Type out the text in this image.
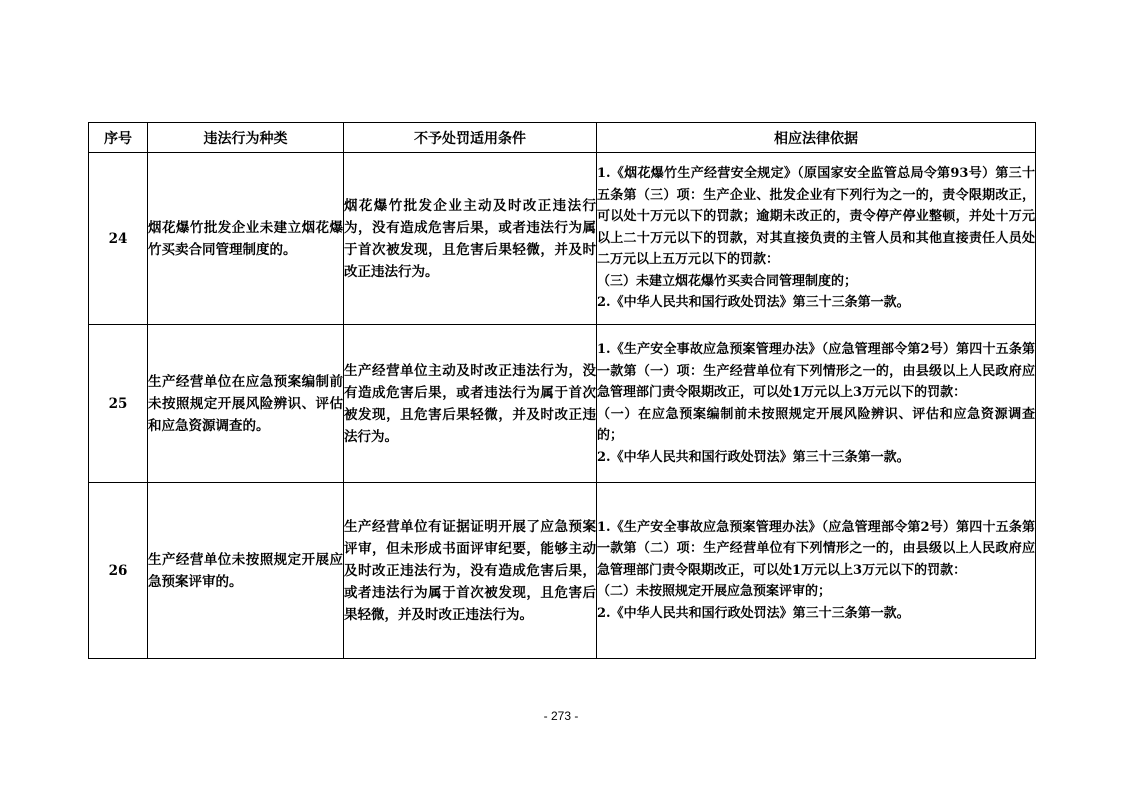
序号	违法行为种类	不予处罚适用条件	相应法律依据
24	烟花爆竹批发企业未建立烟花爆竹买卖合同管理制度的。	烟花爆竹批发企业主动及时改正违法行为，没有造成危害后果，或者违法行为属于首次被发现，且危害后果轻微，并及时改正违法行为。	1.《烟花爆竹生产经营安全规定》（原国家安全监管总局令第93号）第三十五条第（三）项：生产企业、批发企业有下列行为之一的，责令限期改正，可以处十万元以下的罚款；逾期未改正的，责令停产停业整顿，并处十万元以上二十万元以下的罚款，对其直接负责的主管人员和其他直接责任人员处二万元以上五万元以下的罚款：

（三）未建立烟花爆竹买卖合同管理制度的；

2.《中华人民共和国行政处罚法》第三十三条第一款。

25	生产经营单位在应急预案编制前未按照规定开展风险辨识、评估和应急资源调查的。	生产经营单位主动及时改正违法行为，没有造成危害后果，或者违法行为属于首次被发现，且危害后果轻微，并及时改正违法行为。	1.《生产安全事故应急预案管理办法》（应急管理部令第2号）第四十五条第一款第（一）项：生产经营单位有下列情形之一的，由县级以上人民政府应急管理部门责令限期改正，可以处1万元以上3万元以下的罚款：

（一）在应急预案编制前未按照规定开展风险辨识、评估和应急资源调查的；

2.《中华人民共和国行政处罚法》第三十三条第一款。

26	生产经营单位未按照规定开展应急预案评审的。	生产经营单位有证据证明开展了应急预案评审，但未形成书面评审纪要，能够主动及时改正违法行为，没有造成危害后果，或者违法行为属于首次被发现，且危害后果轻微，并及时改正违法行为。	1.《生产安全事故应急预案管理办法》（应急管理部令第2号）第四十五条第一款第（二）项：生产经营单位有下列情形之一的，由县级以上人民政府应急管理部门责令限期改正，可以处1万元以上3万元以下的罚款：

（二）未按照规定开展应急预案评审的；

2.《中华人民共和国行政处罚法》第三十三条第一款。

- 273 -
